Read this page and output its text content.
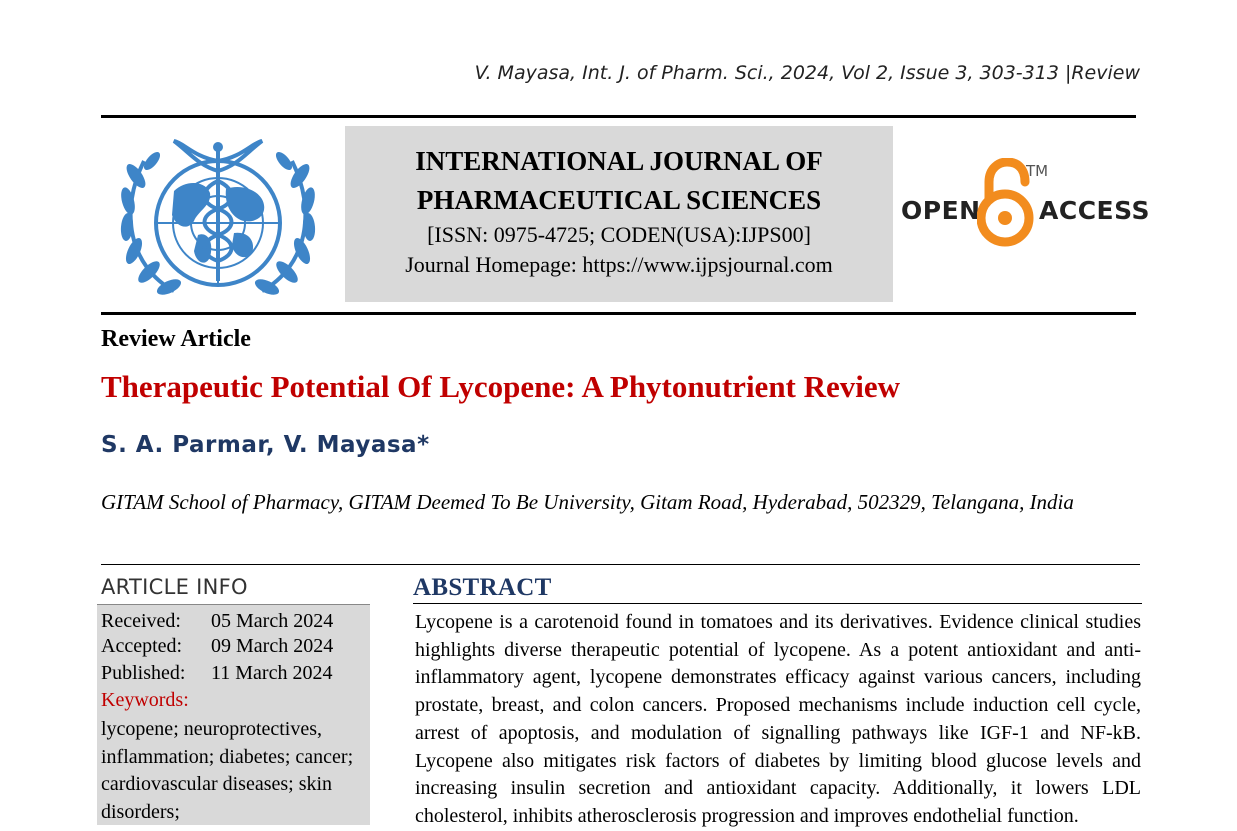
V. Mayasa, Int. J. of Pharm. Sci., 2024, Vol 2, Issue 3, 303-313 |Review
INTERNATIONAL JOURNAL OF
PHARMACEUTICAL SCIENCES
[ISSN: 0975-4725; CODEN(USA):IJPS00]
Journal Homepage: https://www.ijpsjournal.com
OPEN
TM
ACCESS
Review Article
Therapeutic Potential Of Lycopene: A Phytonutrient Review
S. A. Parmar, V. Mayasa*
GITAM School of Pharmacy, GITAM Deemed To Be University, Gitam Road, Hyderabad, 502329, Telangana, India
ARTICLE INFO
Received: 05 March 2024
Accepted: 09 March 2024
Published: 11 March 2024
Keywords:
lycopene; neuroprotectives, inflammation; diabetes; cancer; cardiovascular diseases; skin disorders;
ABSTRACT
Lycopene is a carotenoid found in tomatoes and its derivatives. Evidence clinical studies highlights diverse therapeutic potential of lycopene. As a potent antioxidant and anti-inflammatory agent, lycopene demonstrates efficacy against various cancers, including prostate, breast, and colon cancers. Proposed mechanisms include induction cell cycle, arrest of apoptosis, and modulation of signalling pathways like IGF-1 and NF-kB. Lycopene also mitigates risk factors of diabetes by limiting blood glucose levels and increasing insulin secretion and antioxidant capacity. Additionally, it lowers LDL cholesterol, inhibits atherosclerosis progression and improves endothelial function.
